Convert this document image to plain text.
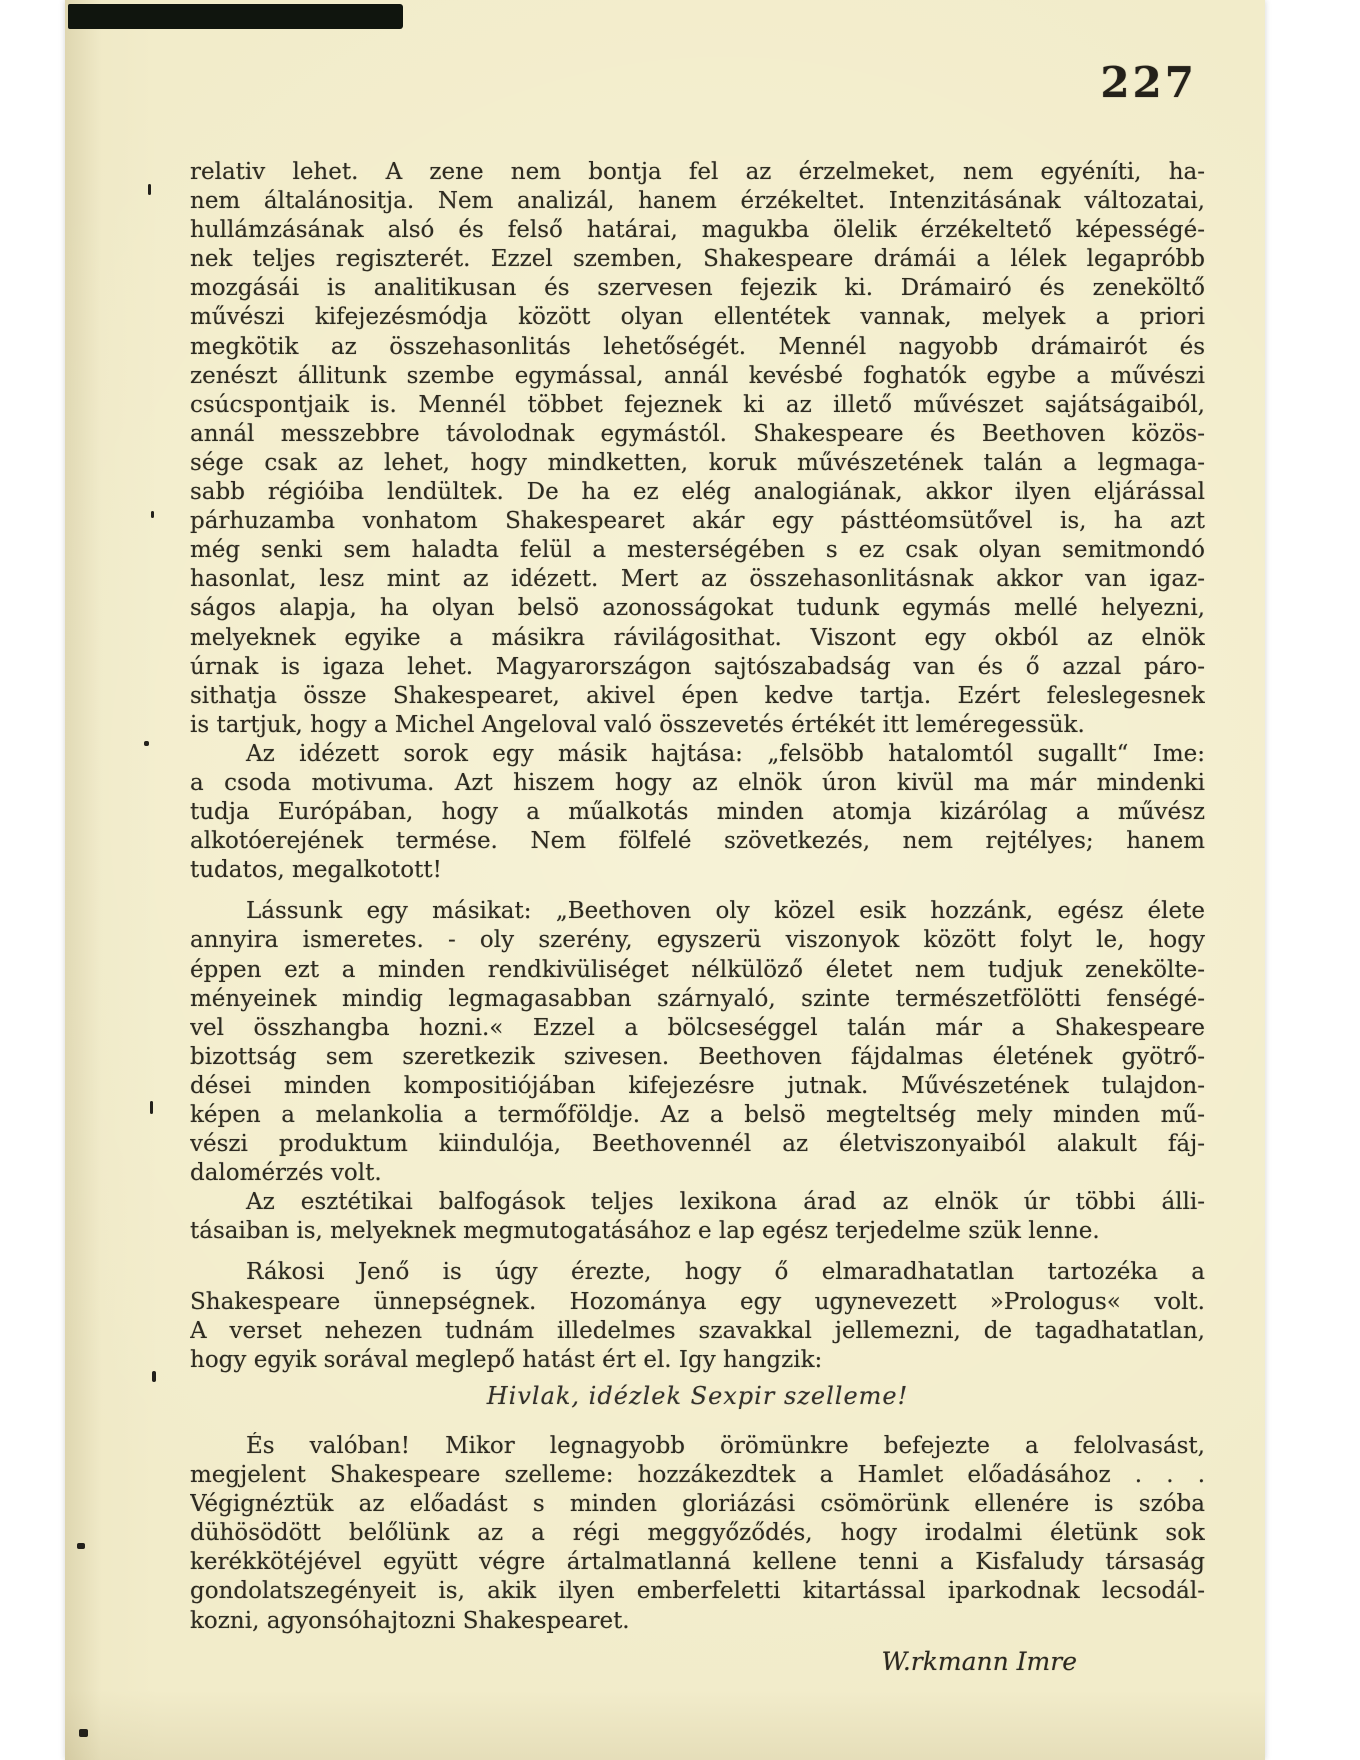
227
relativ lehet. A zene nem bontja fel az érzelmeket, nem egyéníti, ha-
nem általánositja. Nem analizál, hanem érzékeltet. Intenzitásának változatai,
hullámzásának alsó és felső határai, magukba ölelik érzékeltető képességé-
nek teljes regiszterét. Ezzel szemben, Shakespeare drámái a lélek legapróbb
mozgásái is analitikusan és szervesen fejezik ki. Drámairó és zeneköltő
művészi kifejezésmódja között olyan ellentétek vannak, melyek a priori
megkötik az összehasonlitás lehetőségét. Mennél nagyobb drámairót és
zenészt állitunk szembe egymással, annál kevésbé foghatók egybe a művészi
csúcspontjaik is. Mennél többet fejeznek ki az illető művészet sajátságaiból,
annál messzebbre távolodnak egymástól. Shakespeare és Beethoven közös-
sége csak az lehet, hogy mindketten, koruk művészetének talán a legmaga-
sabb régióiba lendültek. De ha ez elég analogiának, akkor ilyen eljárással
párhuzamba vonhatom Shakespearet akár egy pásttéomsütővel is, ha azt
még senki sem haladta felül a mesterségében s ez csak olyan semitmondó
hasonlat, lesz mint az idézett. Mert az összehasonlitásnak akkor van igaz-
ságos alapja, ha olyan belsö azonosságokat tudunk egymás mellé helyezni,
melyeknek egyike a másikra rávilágosithat. Viszont egy okból az elnök
úrnak is igaza lehet. Magyarországon sajtószabadság van és ő azzal páro-
sithatja össze Shakespearet, akivel épen kedve tartja. Ezért feleslegesnek
is tartjuk, hogy a Michel Angeloval való összevetés értékét itt leméregessük.
Az idézett sorok egy másik hajtása: „felsöbb hatalomtól sugallt“ Ime:
a csoda motivuma. Azt hiszem hogy az elnök úron kivül ma már mindenki
tudja Európában, hogy a műalkotás minden atomja kizárólag a művész
alkotóerejének termése. Nem fölfelé szövetkezés, nem rejtélyes; hanem
tudatos, megalkotott!
Lássunk egy másikat: „Beethoven oly közel esik hozzánk, egész élete
annyira ismeretes. - oly szerény, egyszerü viszonyok között folyt le, hogy
éppen ezt a minden rendkivüliséget nélkülöző életet nem tudjuk zenekölte-
ményeinek mindig legmagasabban szárnyaló, szinte természetfölötti fenségé-
vel összhangba hozni.« Ezzel a bölcseséggel talán már a Shakespeare
bizottság sem szeretkezik szivesen. Beethoven fájdalmas életének gyötrő-
dései minden kompositiójában kifejezésre jutnak. Művészetének tulajdon-
képen a melankolia a termőföldje. Az a belsö megteltség mely minden mű-
vészi produktum kiindulója, Beethovennél az életviszonyaiból alakult fáj-
dalomérzés volt.
Az esztétikai balfogások teljes lexikona árad az elnök úr többi álli-
tásaiban is, melyeknek megmutogatásához e lap egész terjedelme szük lenne.
Rákosi Jenő is úgy érezte, hogy ő elmaradhatatlan tartozéka a
Shakespeare ünnepségnek. Hozománya egy ugynevezett »Prologus« volt.
A verset nehezen tudnám illedelmes szavakkal jellemezni, de tagadhatatlan,
hogy egyik sorával meglepő hatást ért el. Igy hangzik:
Hivlak, idézlek Sexpir szelleme!
És valóban! Mikor legnagyobb örömünkre befejezte a felolvasást,
megjelent Shakespeare szelleme: hozzákezdtek a Hamlet előadásához . . .
Végignéztük az előadást s minden gloriázási csömörünk ellenére is szóba
dühösödött belőlünk az a régi meggyőződés, hogy irodalmi életünk sok
kerékkötéjével együtt végre ártalmatlanná kellene tenni a Kisfaludy társaság
gondolatszegényeit is, akik ilyen emberfeletti kitartással iparkodnak lecsodál-
kozni, agyonsóhajtozni Shakespearet.
W.rkmann Imre
